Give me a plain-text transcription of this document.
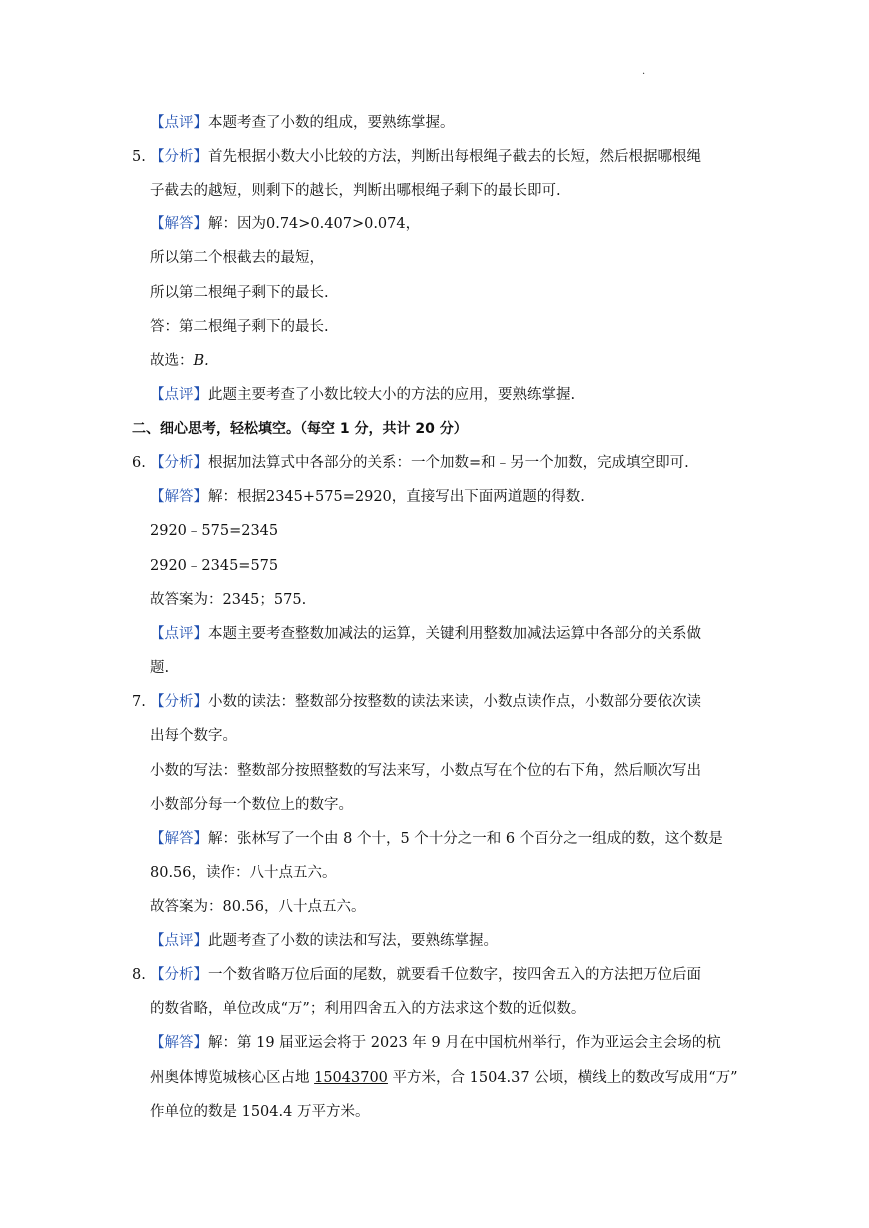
.
【点评】本题考查了小数的组成，要熟练掌握。
5. 【分析】首先根据小数大小比较的方法，判断出每根绳子截去的长短，然后根据哪根绳
子截去的越短，则剩下的越长，判断出哪根绳子剩下的最长即可.
【解答】解：因为0.74>0.407>0.074，
所以第二个根截去的最短，
所以第二根绳子剩下的最长.
答：第二根绳子剩下的最长.
故选：B.
【点评】此题主要考查了小数比较大小的方法的应用，要熟练掌握.
二、细心思考，轻松填空。（每空 1 分，共计 20 分）
6. 【分析】根据加法算式中各部分的关系：一个加数=和﹣另一个加数，完成填空即可.
【解答】解：根据2345+575=2920，直接写出下面两道题的得数.
2920﹣575=2345
2920﹣2345=575
故答案为：2345；575.
【点评】本题主要考查整数加减法的运算，关键利用整数加减法运算中各部分的关系做
题.
7. 【分析】小数的读法：整数部分按整数的读法来读，小数点读作点，小数部分要依次读
出每个数字。
小数的写法：整数部分按照整数的写法来写，小数点写在个位的右下角，然后顺次写出
小数部分每一个数位上的数字。
【解答】解：张林写了一个由 8 个十，5 个十分之一和 6 个百分之一组成的数，这个数是
80.56，读作：八十点五六。
故答案为：80.56，八十点五六。
【点评】此题考查了小数的读法和写法，要熟练掌握。
8. 【分析】一个数省略万位后面的尾数，就要看千位数字，按四舍五入的方法把万位后面
的数省略，单位改成“万”；利用四舍五入的方法求这个数的近似数。
【解答】解：第 19 届亚运会将于 2023 年 9 月在中国杭州举行，作为亚运会主会场的杭
州奥体博览城核心区占地 15043700 平方米，合 1504.37 公顷，横线上的数改写成用“万”
作单位的数是 1504.4 万平方米。
